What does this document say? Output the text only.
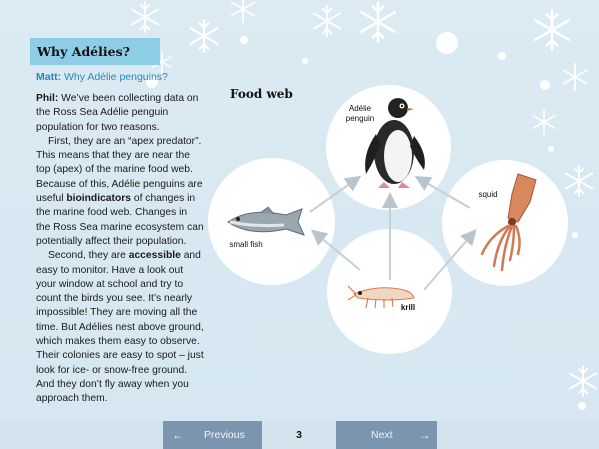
Why Adélies?
Matt: Why Adélie penguins?

Phil: We’ve been collecting data on the Ross Sea Adélie penguin population for two reasons.

First, they are an “apex predator”. This means that they are near the top (apex) of the marine food web. Because of this, Adélie penguins are useful bioindicators of changes in the marine food web. Changes in the Ross Sea marine ecosystem can potentially affect their population.

Second, they are accessible and easy to monitor. Have a look out your window at school and try to count the birds you see. It’s nearly impossible! They are moving all the time. But Adélies nest above ground, which makes them easy to observe. Their colonies are easy to spot – just look for ice- or snow-free ground. And they don’t fly away when you approach them.

Food web
Adélie penguin
small fish
squid
krill
← Previous	3	Next →
